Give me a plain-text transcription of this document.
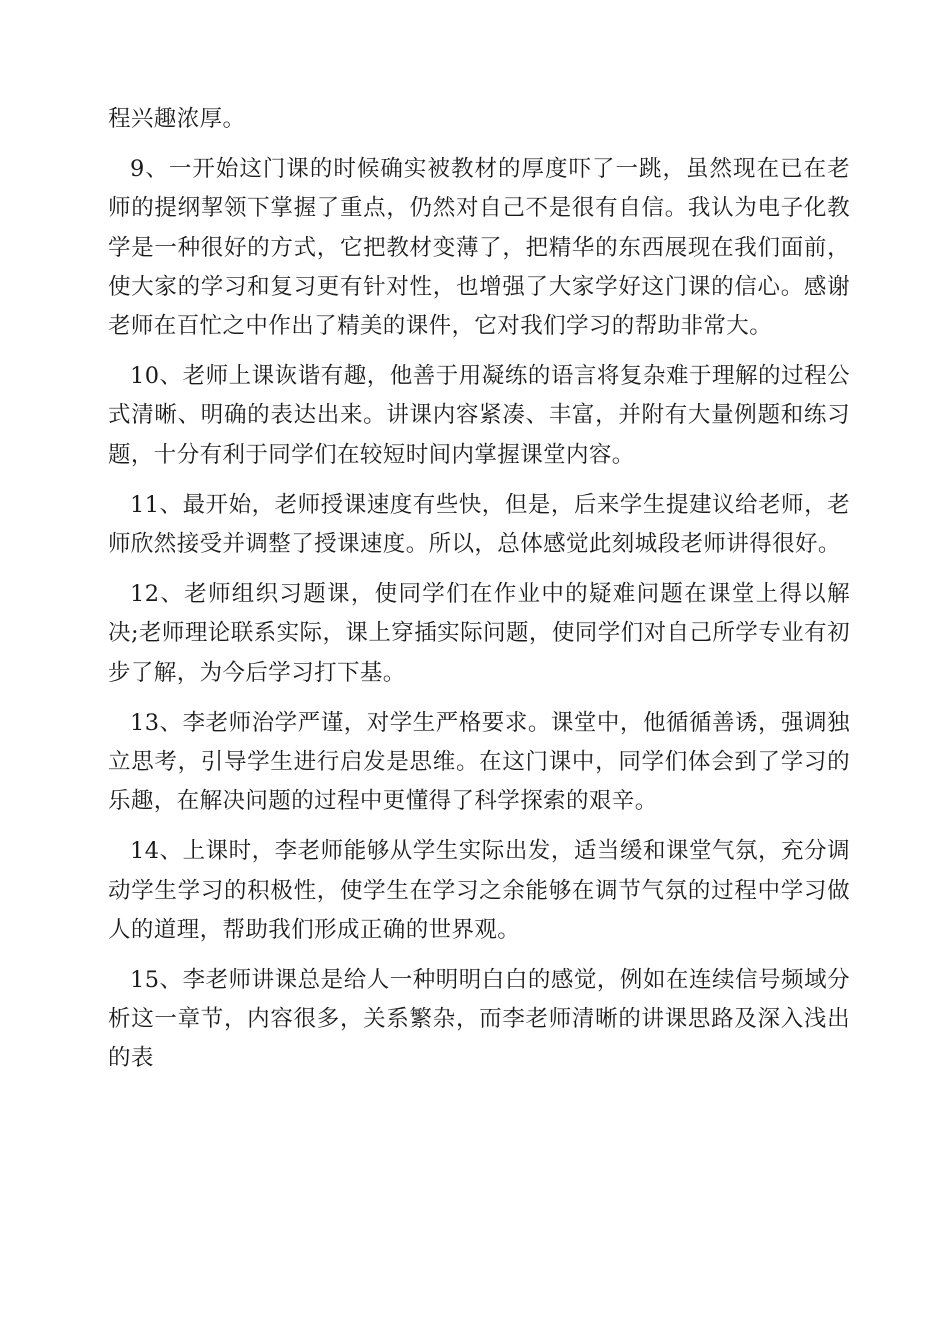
程兴趣浓厚。

9、一开始这门课的时候确实被教材的厚度吓了一跳，虽然现在已在老师的提纲挈领下掌握了重点，仍然对自己不是很有自信。我认为电子化教学是一种很好的方式，它把教材变薄了，把精华的东西展现在我们面前，使大家的学习和复习更有针对性，也增强了大家学好这门课的信心。感谢老师在百忙之中作出了精美的课件，它对我们学习的帮助非常大。

10、老师上课诙谐有趣，他善于用凝练的语言将复杂难于理解的过程公式清晰、明确的表达出来。讲课内容紧凑、丰富，并附有大量例题和练习题，十分有利于同学们在较短时间内掌握课堂内容。

11、最开始，老师授课速度有些快，但是，后来学生提建议给老师，老师欣然接受并调整了授课速度。所以，总体感觉此刻城段老师讲得很好。

12、老师组织习题课，使同学们在作业中的疑难问题在课堂上得以解决;老师理论联系实际，课上穿插实际问题，使同学们对自己所学专业有初步了解，为今后学习打下基。

13、李老师治学严谨，对学生严格要求。课堂中，他循循善诱，强调独立思考，引导学生进行启发是思维。在这门课中，同学们体会到了学习的乐趣，在解决问题的过程中更懂得了科学探索的艰辛。

14、上课时，李老师能够从学生实际出发，适当缓和课堂气氛，充分调动学生学习的积极性，使学生在学习之余能够在调节气氛的过程中学习做人的道理，帮助我们形成正确的世界观。

15、李老师讲课总是给人一种明明白白的感觉，例如在连续信号频域分析这一章节，内容很多，关系繁杂，而李老师清晰的讲课思路及深入浅出的表
